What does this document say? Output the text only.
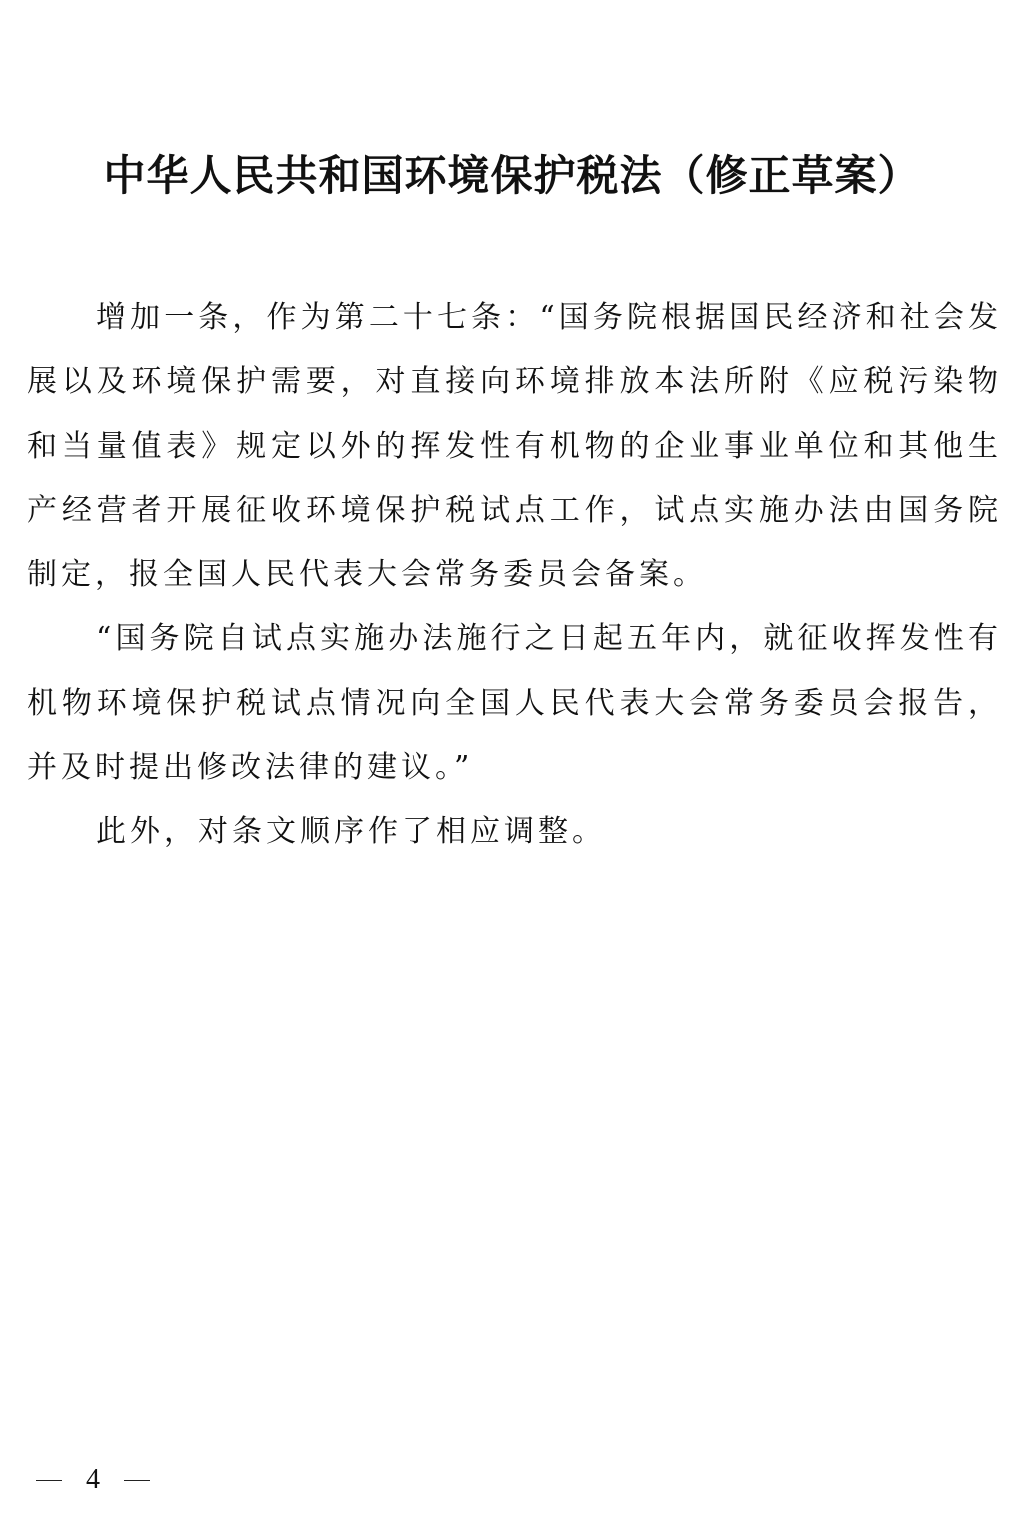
中华人民共和国环境保护税法（修正草案）

增加一条，作为第二十七条：“国务院根据国民经济和社会发展以及环境保护需要，对直接向环境排放本法所附《应税污染物和当量值表》规定以外的挥发性有机物的企业事业单位和其他生产经营者开展征收环境保护税试点工作，试点实施办法由国务院制定，报全国人民代表大会常务委员会备案。

“国务院自试点实施办法施行之日起五年内，就征收挥发性有机物环境保护税试点情况向全国人民代表大会常务委员会报告，并及时提出修改法律的建议。”

此外，对条文顺序作了相应调整。

4
